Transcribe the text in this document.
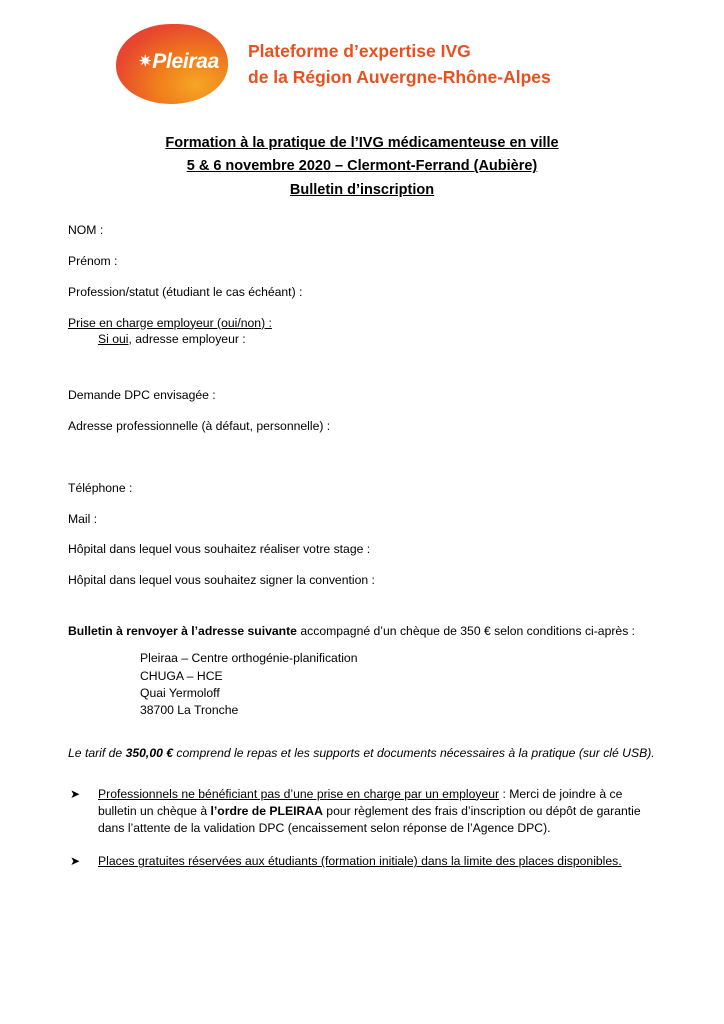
✷Pleiraa	Plateforme d’expertise IVG
de la Région Auvergne-Rhône-Alpes
Formation à la pratique de l’IVG médicamenteuse en ville
5 & 6 novembre 2020 – Clermont-Ferrand (Aubière)
Bulletin d’inscription
NOM :
Prénom :
Profession/statut (étudiant le cas échéant) :
Prise en charge employeur (oui/non) :
Si oui, adresse employeur :
Demande DPC envisagée :
Adresse professionnelle (à défaut, personnelle) :
Téléphone :
Mail :
Hôpital dans lequel vous souhaitez réaliser votre stage :
Hôpital dans lequel vous souhaitez signer la convention :
Bulletin à renvoyer à l’adresse suivante accompagné d’un chèque de 350 € selon conditions ci-après :
Pleiraa – Centre orthogénie-planification
CHUGA – HCE
Quai Yermoloff
38700 La Tronche
Le tarif de 350,00 € comprend le repas et les supports et documents nécessaires à la pratique (sur clé USB).
➤	Professionnels ne bénéficiant pas d’une prise en charge par un employeur : Merci de joindre à ce bulletin un chèque à l’ordre de PLEIRAA pour règlement des frais d’inscription ou dépôt de garantie dans l’attente de la validation DPC (encaissement selon réponse de l’Agence DPC).
➤	Places gratuites réservées aux étudiants (formation initiale) dans la limite des places disponibles.
